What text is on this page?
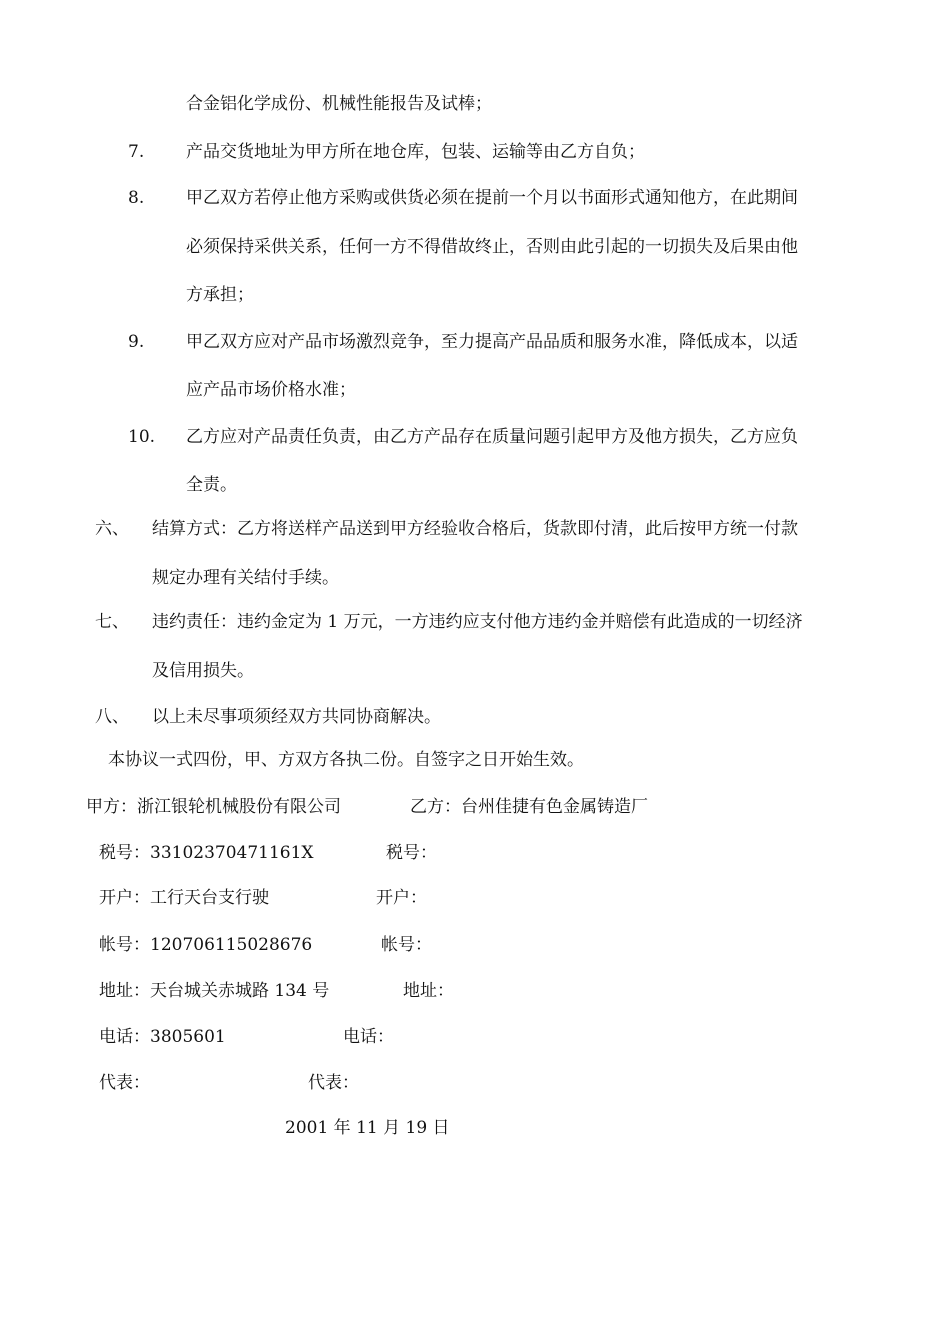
合金铝化学成份、机械性能报告及试棒；
7. 产品交货地址为甲方所在地仓库，包装、运输等由乙方自负；
8. 甲乙双方若停止他方采购或供货必须在提前一个月以书面形式通知他方，在此期间
必须保持采供关系，任何一方不得借故终止，否则由此引起的一切损失及后果由他
方承担；
9. 甲乙双方应对产品市场激烈竞争，至力提高产品品质和服务水准，降低成本，以适
应产品市场价格水准；
10. 乙方应对产品责任负责，由乙方产品存在质量问题引起甲方及他方损失，乙方应负
全责。
六、 结算方式：乙方将送样产品送到甲方经验收合格后，货款即付清，此后按甲方统一付款
规定办理有关结付手续。
七、 违约责任：违约金定为 1 万元，一方违约应支付他方违约金并赔偿有此造成的一切经济
及信用损失。
八、 以上未尽事项须经双方共同协商解决。
本协议一式四份，甲、方双方各执二份。自签字之日开始生效。
甲方：浙江银轮机械股份有限公司	乙方：台州佳捷有色金属铸造厂
税号：33102370471161X	税号：
开户：工行天台支行驶	开户：
帐号：120706115028676	帐号：
地址：天台城关赤城路 134 号	地址：
电话：3805601	电话：
代表：	代表：
2001 年 11 月 19 日
